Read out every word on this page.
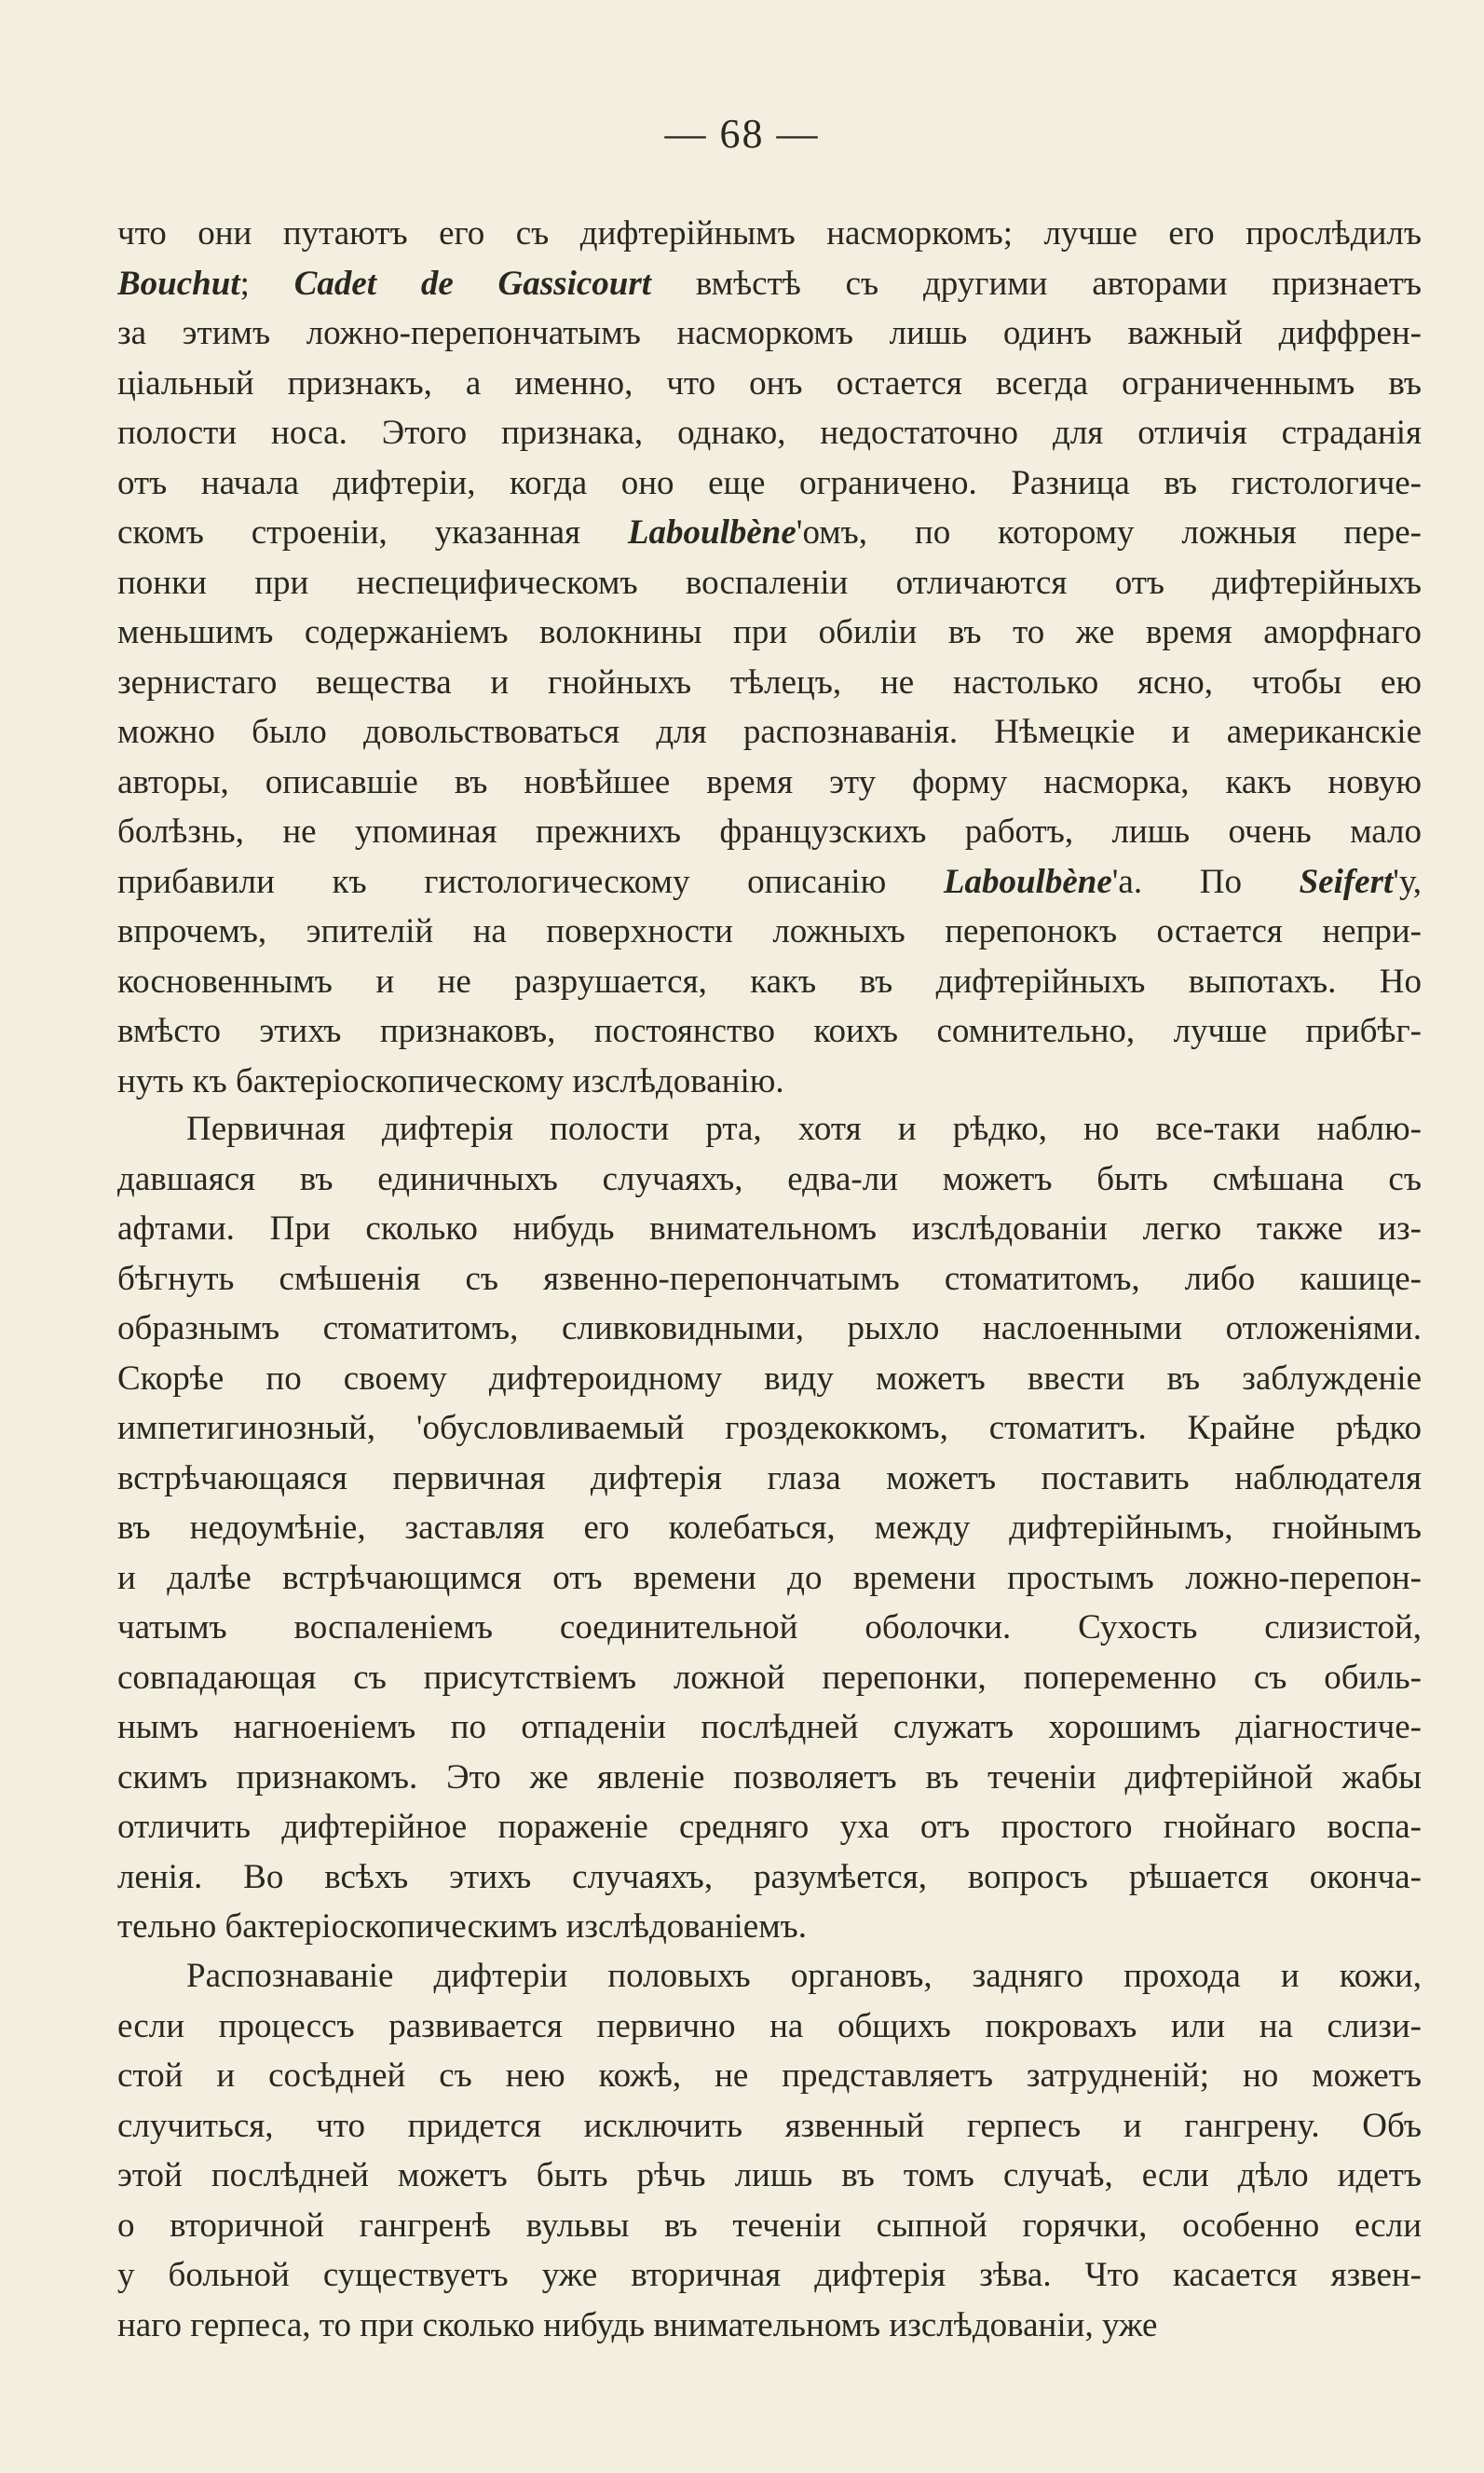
— 68 —
что они путаютъ его съ дифтерійнымъ насморкомъ; лучше его прослѣдилъ
Bouchut; Cadet de Gassicourt вмѣстѣ съ другими авторами признаетъ
за этимъ ложно-перепончатымъ насморкомъ лишь одинъ важный диффрен-
ціальный признакъ, а именно, что онъ остается всегда ограниченнымъ въ
полости носа. Этого признака, однако, недостаточно для отличія страданія
отъ начала дифтеріи, когда оно еще ограничено. Разница въ гистологиче-
скомъ строеніи, указанная Laboulbène'омъ, по которому ложныя пере-
понки при неспецифическомъ воспаленіи отличаются отъ дифтерійныхъ
меньшимъ содержаніемъ волокнины при обиліи въ то же время аморфнаго
зернистаго вещества и гнойныхъ тѣлецъ, не настолько ясно, чтобы ею
можно было довольствоваться для распознаванія. Нѣмецкіе и американскіе
авторы, описавшіе въ новѣйшее время эту форму насморка, какъ новую
болѣзнь, не упоминая прежнихъ французскихъ работъ, лишь очень мало
прибавили къ гистологическому описанію Laboulbène'а. По Seifert'у,
впрочемъ, эпителій на поверхности ложныхъ перепонокъ остается непри-
косновеннымъ и не разрушается, какъ въ дифтерійныхъ выпотахъ. Но
вмѣсто этихъ признаковъ, постоянство коихъ сомнительно, лучше прибѣг-
нуть къ бактеріоскопическому изслѣдованію.
Первичная дифтерія полости рта, хотя и рѣдко, но все-таки наблю-
давшаяся въ единичныхъ случаяхъ, едва-ли можетъ быть смѣшана съ
афтами. При сколько нибудь внимательномъ изслѣдованіи легко также из-
бѣгнуть смѣшенія съ язвенно-перепончатымъ стоматитомъ, либо кашице-
образнымъ стоматитомъ, сливковидными, рыхло наслоенными отложеніями.
Скорѣе по своему дифтероидному виду можетъ ввести въ заблужденіе
импетигинозный, 'обусловливаемый гроздекоккомъ, стоматитъ. Крайне рѣдко
встрѣчающаяся первичная дифтерія глаза можетъ поставить наблюдателя
въ недоумѣніе, заставляя его колебаться, между дифтерійнымъ, гнойнымъ
и далѣе встрѣчающимся отъ времени до времени простымъ ложно-перепон-
чатымъ воспаленіемъ соединительной оболочки. Сухость слизистой,
совпадающая съ присутствіемъ ложной перепонки, попеременно съ обиль-
нымъ нагноеніемъ по отпаденіи послѣдней служатъ хорошимъ діагностиче-
скимъ признакомъ. Это же явленіе позволяетъ въ теченіи дифтерійной жабы
отличить дифтерійное пораженіе средняго уха отъ простого гнойнаго воспа-
ленія. Во всѣхъ этихъ случаяхъ, разумѣется, вопросъ рѣшается оконча-
тельно бактеріоскопическимъ изслѣдованіемъ.
Распознаваніе дифтеріи половыхъ органовъ, задняго прохода и кожи,
если процессъ развивается первично на общихъ покровахъ или на слизи-
стой и сосѣдней съ нею кожѣ, не представляетъ затрудненій; но можетъ
случиться, что придется исключить язвенный герпесъ и гангрену. Объ
этой послѣдней можетъ быть рѣчь лишь въ томъ случаѣ, если дѣло идетъ
о вторичной гангренѣ вульвы въ теченіи сыпной горячки, особенно если
у больной существуетъ уже вторичная дифтерія зѣва. Что касается язвен-
наго герпеса, то при сколько нибудь внимательномъ изслѣдованіи, уже
